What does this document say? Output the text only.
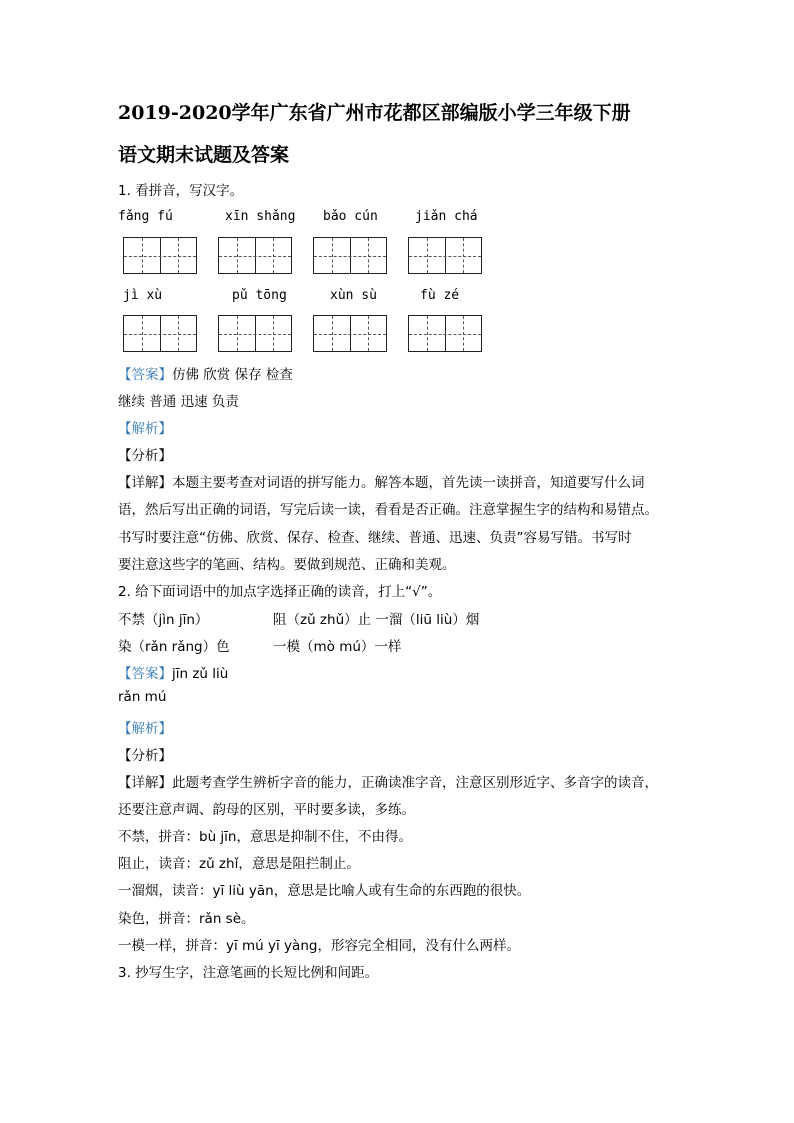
2019-2020学年广东省广州市花都区部编版小学三年级下册
语文期末试题及答案
1. 看拼音，写汉字。
fǎng fú	xīn shǎng bǎo cún	jiǎn chá
jì xù	pǔ tōng	xùn sù	fù zé
【答案】仿佛 欣赏 保存 检查
继续 普通 迅速 负责
【解析】
【分析】
【详解】本题主要考查对词语的拼写能力。解答本题，首先读一读拼音，知道要写什么词
语，然后写出正确的词语，写完后读一读，看看是否正确。注意掌握生字的结构和易错点。
书写时要注意“仿佛、欣赏、保存、检查、继续、普通、迅速、负责”容易写错。书写时
要注意这些字的笔画、结构。要做到规范、正确和美观。
2. 给下面词语中的加点字选择正确的读音，打上“√”。
不禁（jìn jīn）	阻（zǔ zhǔ）止 一溜（liū liù）烟
染（rǎn rǎng）色	一模（mò mú）一样
【答案】jīn zǔ liù
rǎn mú
【解析】
【分析】
【详解】此题考查学生辨析字音的能力，正确读准字音，注意区别形近字、多音字的读音，
还要注意声调、韵母的区别，平时要多读，多练。
不禁，拼音：bù jīn，意思是抑制不住，不由得。
阻止，读音：zǔ zhǐ，意思是阻拦制止。
一溜烟，读音：yī liù yān，意思是比喻人或有生命的东西跑的很快。
染色，拼音：rǎn sè。
一模一样，拼音：yī mú yī yàng，形容完全相同，没有什么两样。
3. 抄写生字，注意笔画的长短比例和间距。
